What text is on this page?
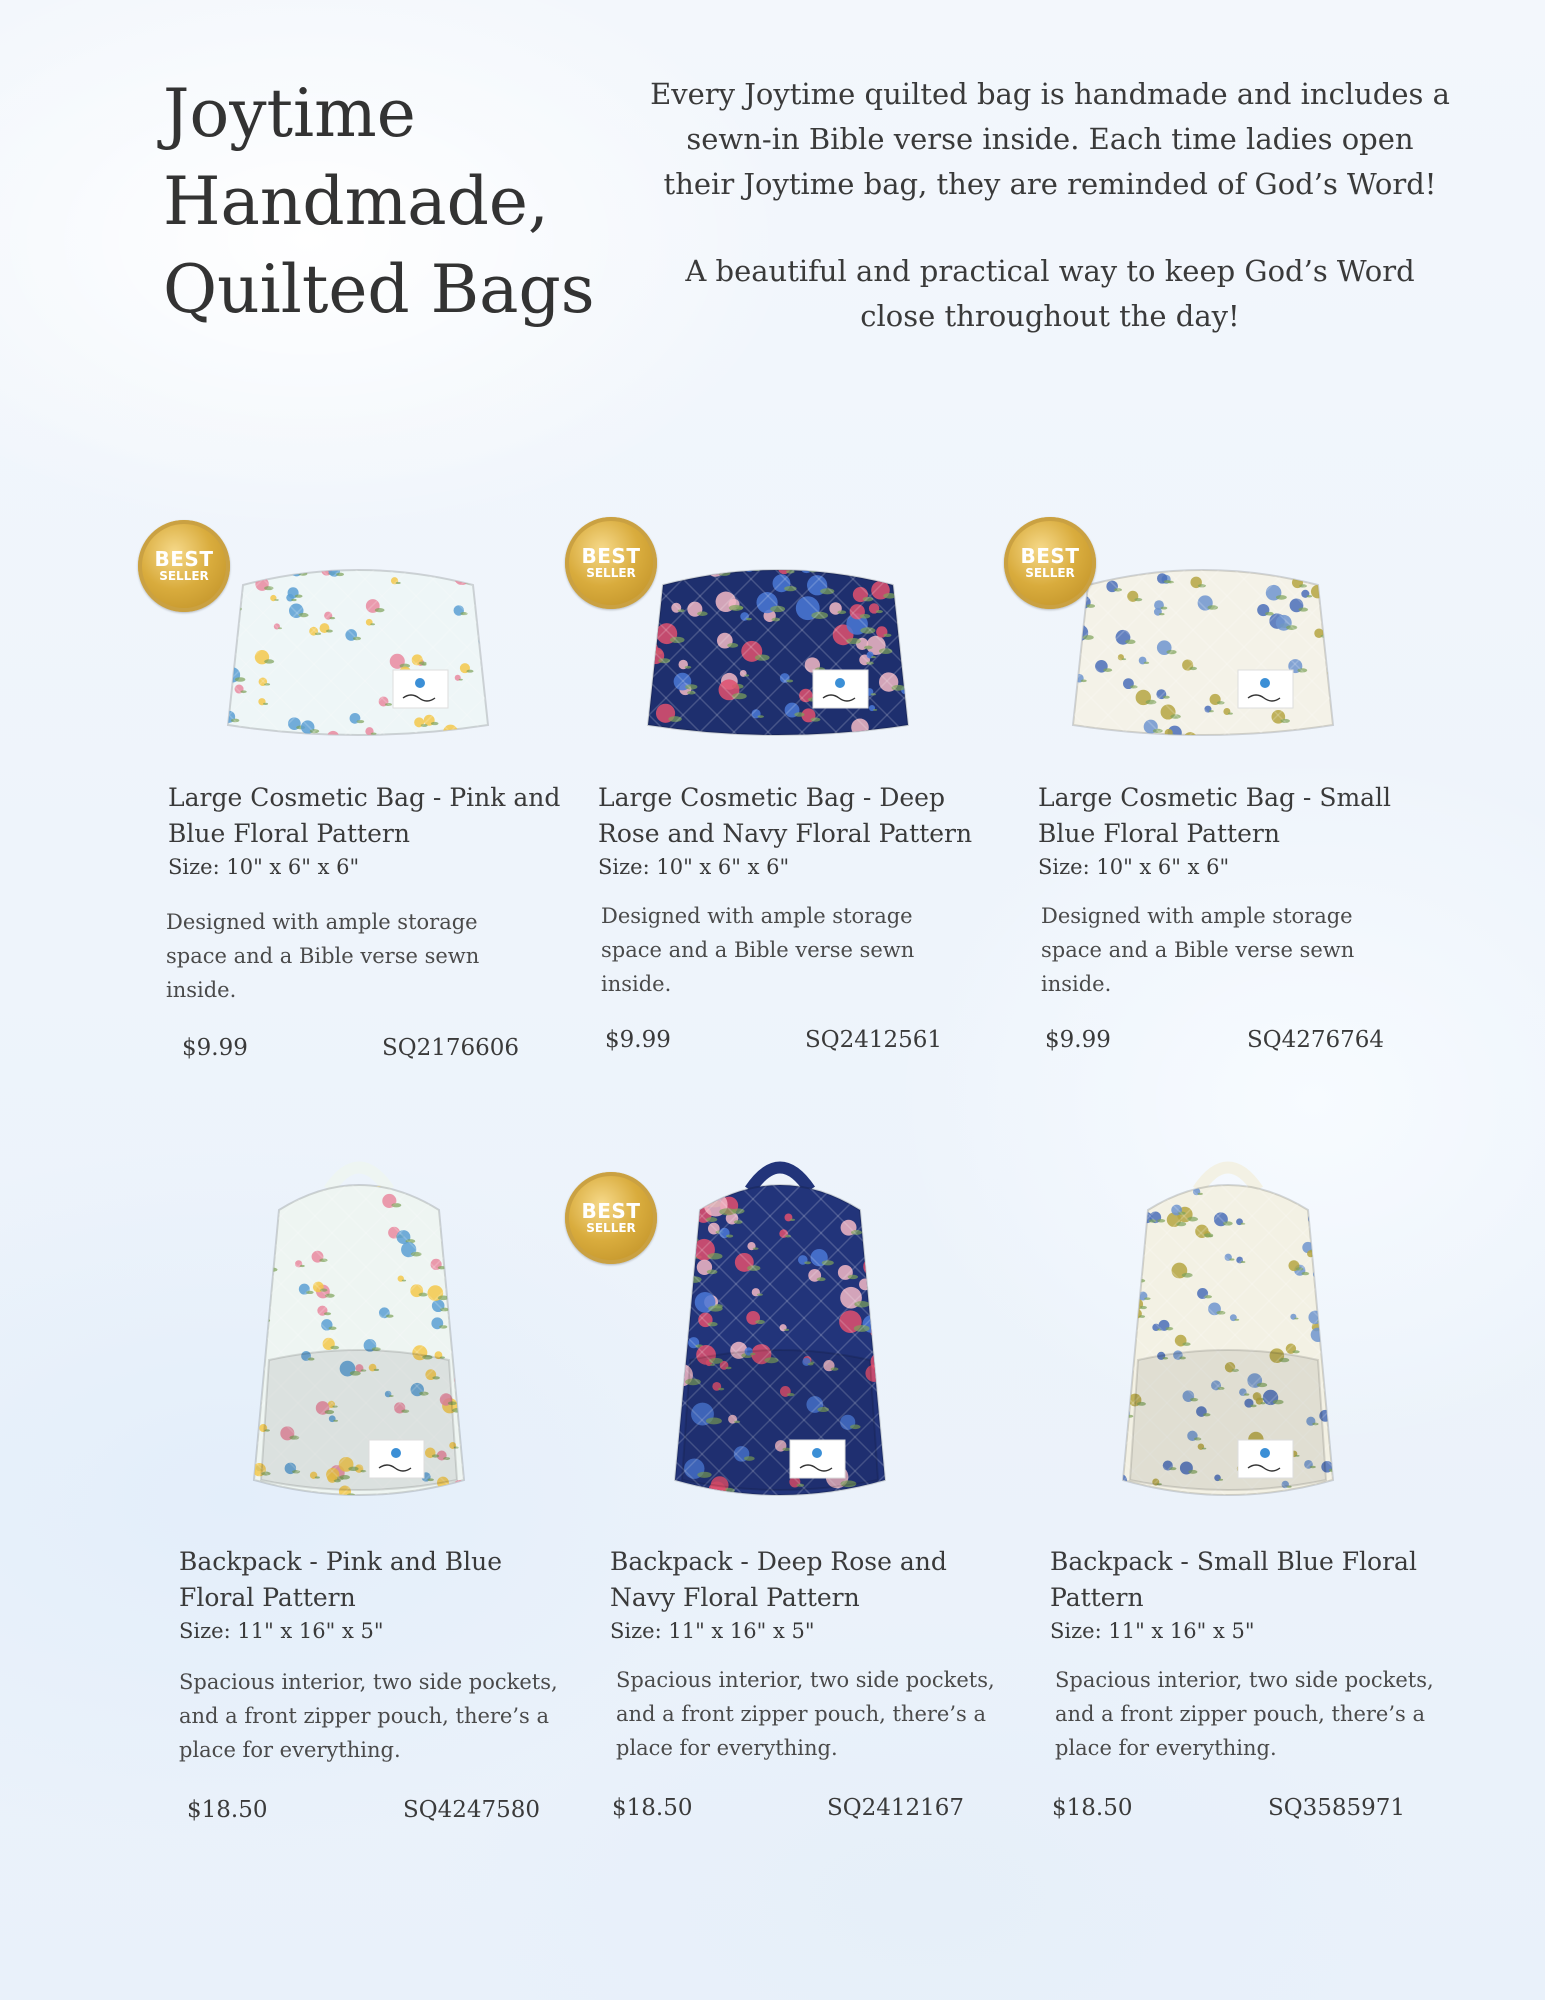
Joytime
Handmade,
Quilted Bags

Every Joytime quilted bag is handmade and includes a sewn-in Bible verse inside. Each time ladies open their Joytime bag, they are reminded of God’s Word!

A beautiful and practical way to keep God’s Word close throughout the day!

BEST
SELLER

Large Cosmetic Bag - Pink and Blue Floral Pattern

Size: 10" x 6" x 6"

Designed with ample storage space and a Bible verse sewn inside.

$9.99	SQ2176606
BEST
SELLER

Large Cosmetic Bag - Deep Rose and Navy Floral Pattern

Size: 10" x 6" x 6"

Designed with ample storage space and a Bible verse sewn inside.

$9.99	SQ2412561
BEST
SELLER

Large Cosmetic Bag - Small Blue Floral Pattern

Size: 10" x 6" x 6"

Designed with ample storage space and a Bible verse sewn inside.

$9.99	SQ4276764

Backpack - Pink and Blue Floral Pattern

Size: 11" x 16" x 5"

Spacious interior, two side pockets, and a front zipper pouch, there’s a place for everything.

$18.50	SQ4247580
BEST
SELLER

Backpack - Deep Rose and Navy Floral Pattern

Size: 11" x 16" x 5"

Spacious interior, two side pockets, and a front zipper pouch, there’s a place for everything.

$18.50	SQ2412167

Backpack - Small Blue Floral Pattern

Size: 11" x 16" x 5"

Spacious interior, two side pockets, and a front zipper pouch, there’s a place for everything.

$18.50	SQ3585971
